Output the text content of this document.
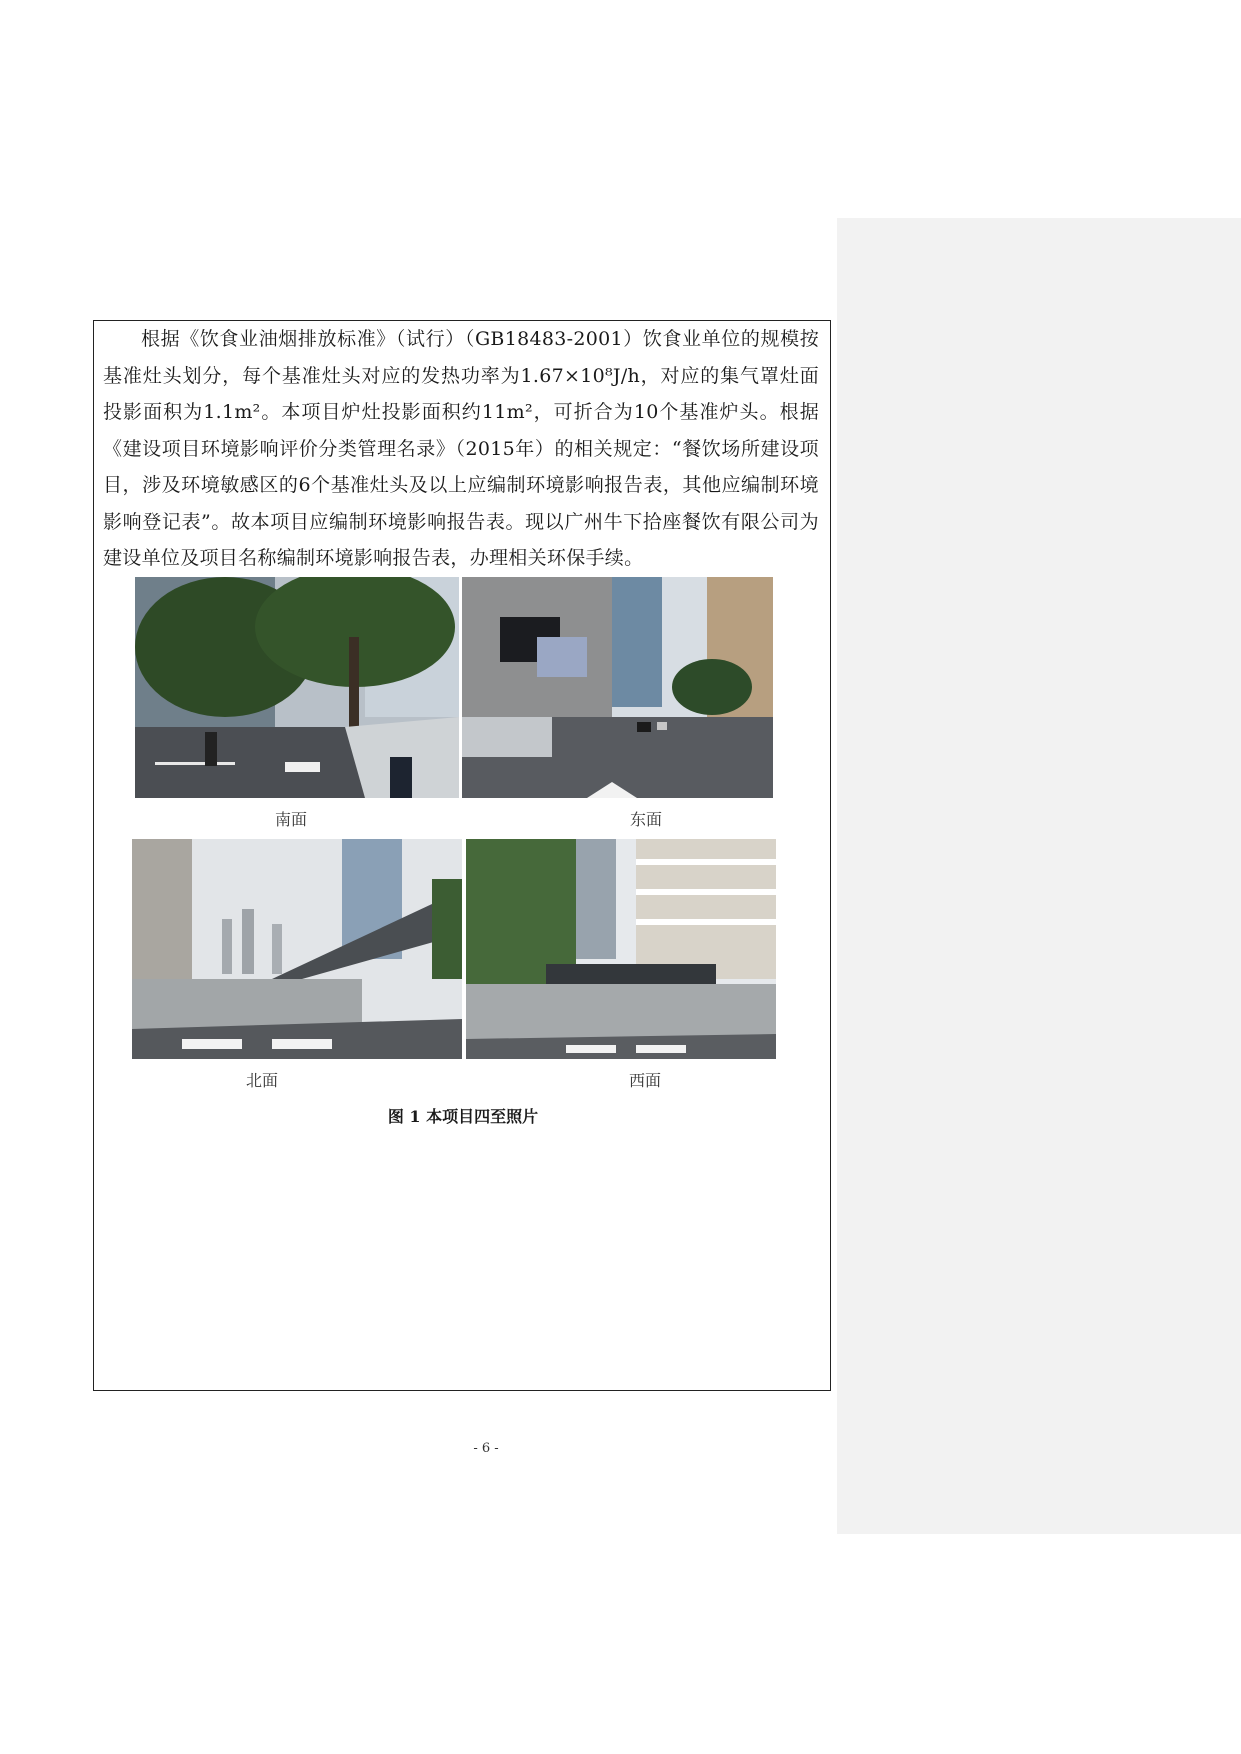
根据《饮食业油烟排放标准》（试行）（GB18483-2001）饮食业单位的规模按基准灶头划分，每个基准灶头对应的发热功率为1.67×10⁸J/h，对应的集气罩灶面投影面积为1.1m²。本项目炉灶投影面积约11m²，可折合为10个基准炉头。根据《建设项目环境影响评价分类管理名录》（2015年）的相关规定：“餐饮场所建设项目，涉及环境敏感区的6个基准灶头及以上应编制环境影响报告表，其他应编制环境影响登记表”。故本项目应编制环境影响报告表。现以广州牛下拾座餐饮有限公司为建设单位及项目名称编制环境影响报告表，办理相关环保手续。

南面	东面
北面	西面
图 1 本项目四至照片
- 6 -
